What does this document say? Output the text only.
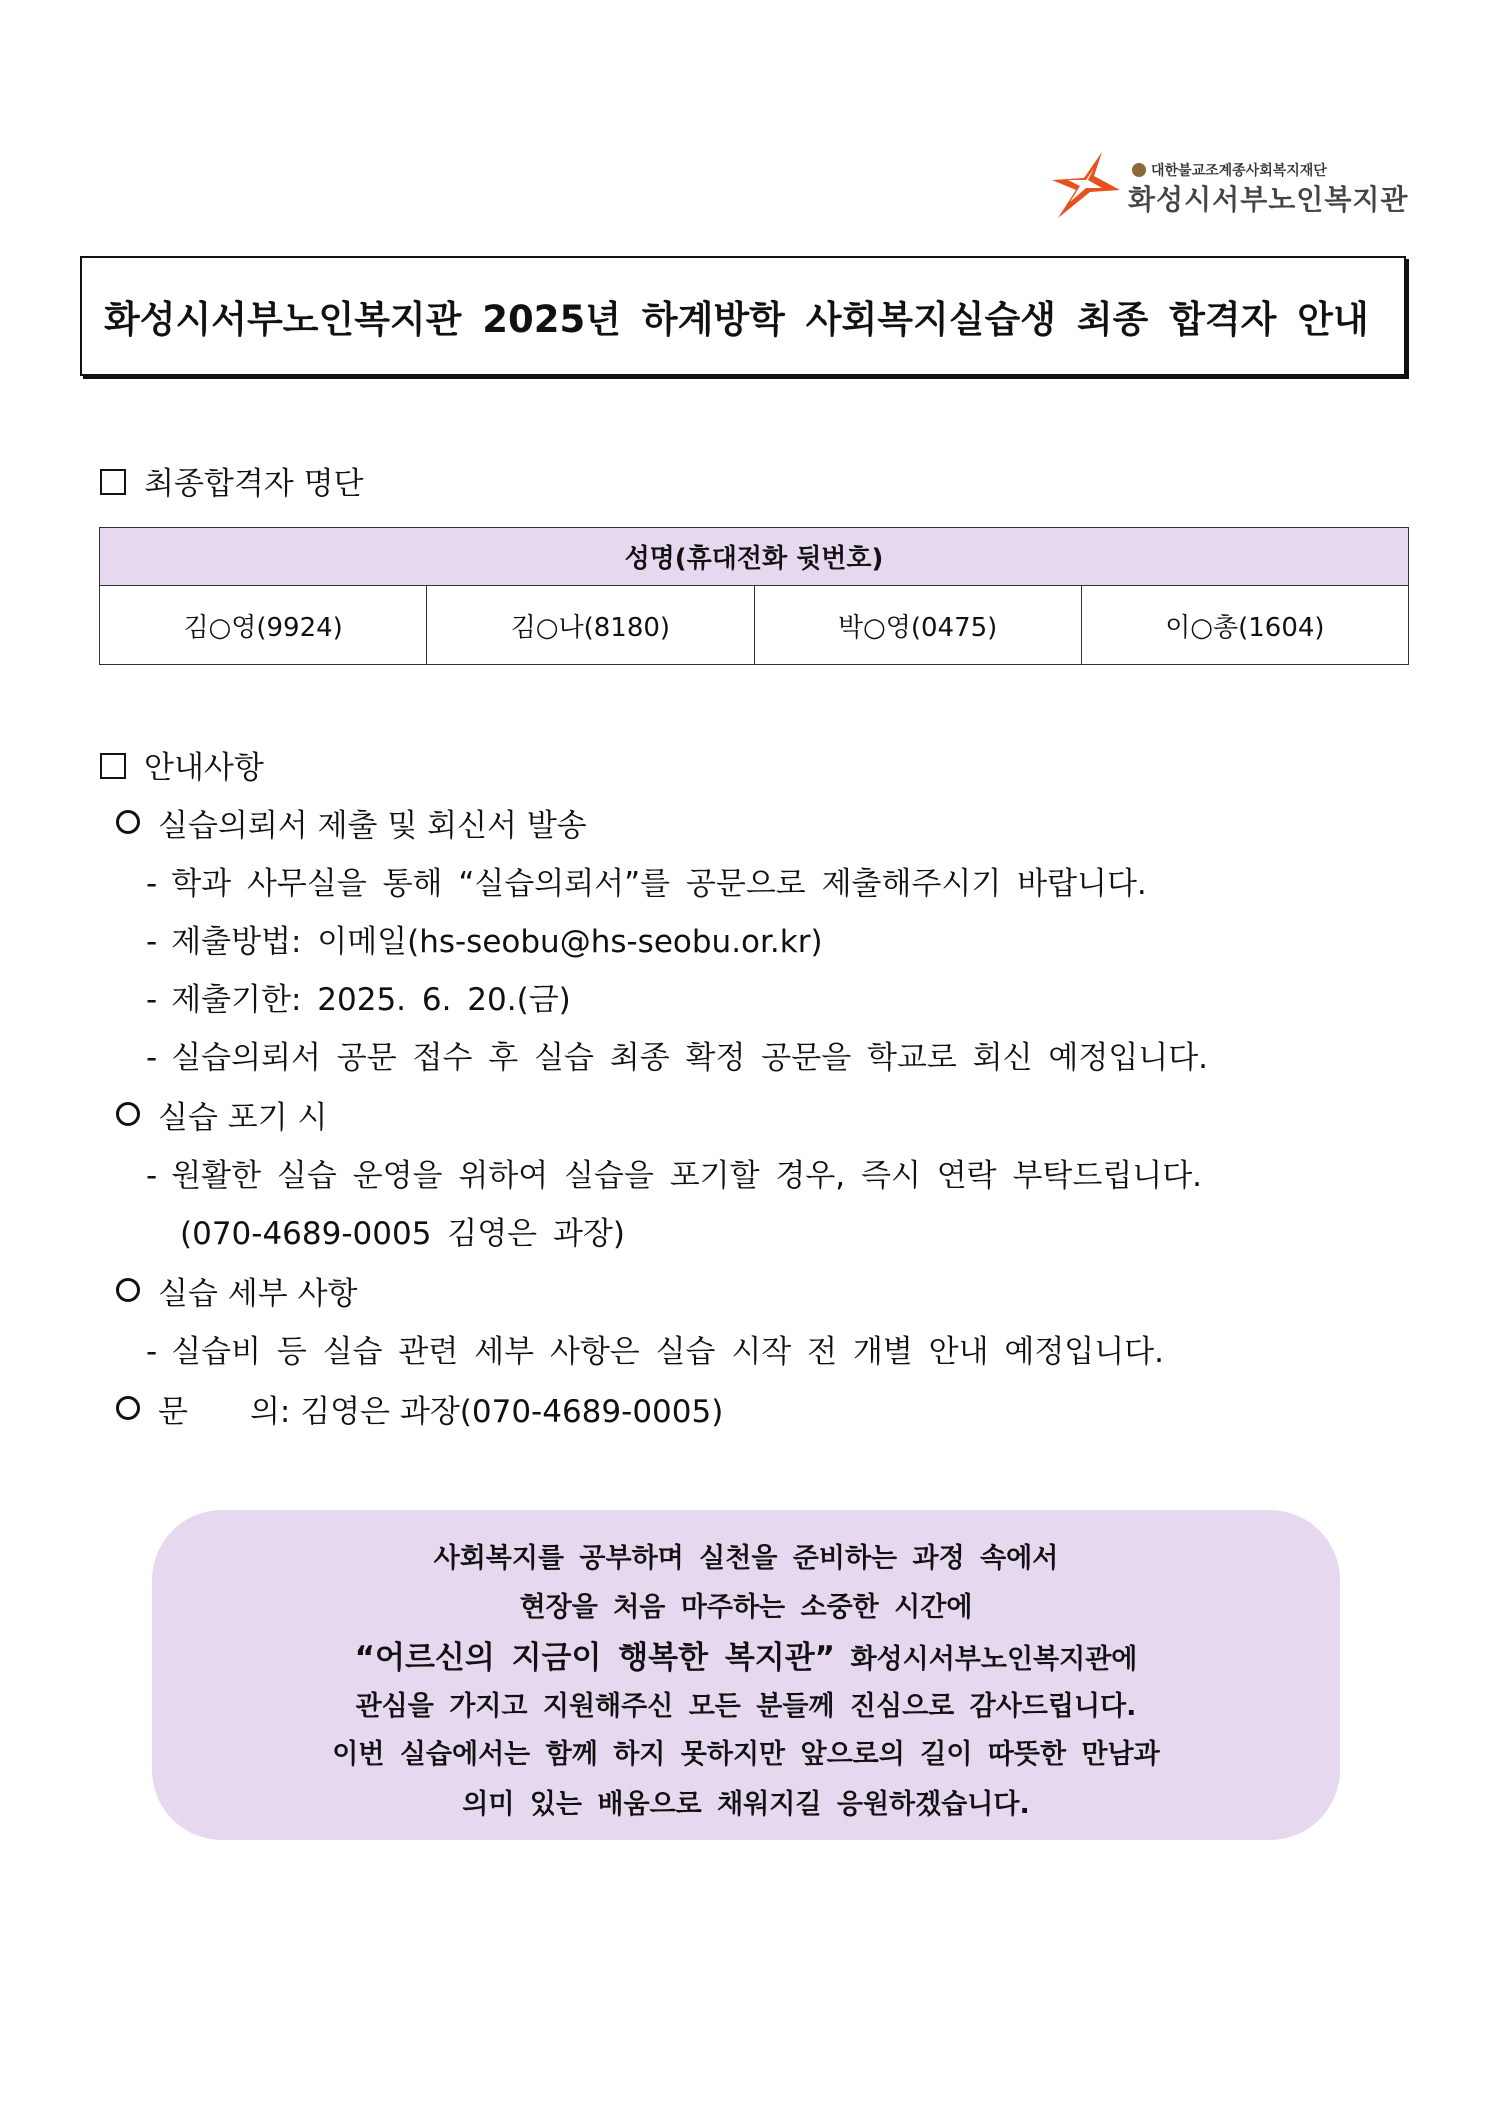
대한불교조계종사회복지재단
화성시서부노인복지관
화성시서부노인복지관 2025년 하계방학 사회복지실습생 최종 합격자 안내
최종합격자 명단
성명(휴대전화 뒷번호)
김○영(9924)	김○나(8180)	박○영(0475)	이○총(1604)
안내사항
실습의뢰서 제출 및 회신서 발송
- 학과 사무실을 통해 “실습의뢰서”를 공문으로 제출해주시기 바랍니다.
- 제출방법: 이메일(hs-seobu@hs-seobu.or.kr)
- 제출기한: 2025. 6. 20.(금)
- 실습의뢰서 공문 접수 후 실습 최종 확정 공문을 학교로 회신 예정입니다.
실습 포기 시
- 원활한 실습 운영을 위하여 실습을 포기할 경우, 즉시 연락 부탁드립니다.
(070-4689-0005 김영은 과장)
실습 세부 사항
- 실습비 등 실습 관련 세부 사항은 실습 시작 전 개별 안내 예정입니다.
문　　의: 김영은 과장(070-4689-0005)
사회복지를 공부하며 실천을 준비하는 과정 속에서
현장을 처음 마주하는 소중한 시간에
“어르신의 지금이 행복한 복지관” 화성시서부노인복지관에
관심을 가지고 지원해주신 모든 분들께 진심으로 감사드립니다.
이번 실습에서는 함께 하지 못하지만 앞으로의 길이 따뜻한 만남과
의미 있는 배움으로 채워지길 응원하겠습니다.
